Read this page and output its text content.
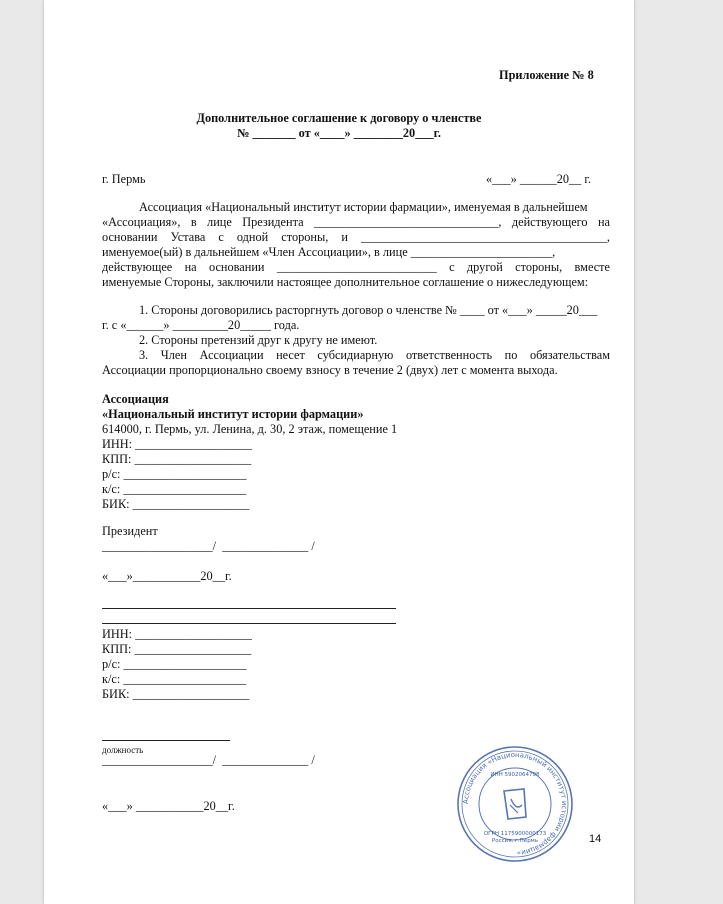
Приложение № 8
Дополнительное соглашение к договору о членстве
№ _______ от «____» ________20___г.
г. Пермь	«___» ______20__ г.
Ассоциация «Национальный институт истории фармации», именуемая в дальнейшем
«Ассоциация», в лице Президента ______________________________, действующего на
основании Устава с одной стороны, и ________________________________________,
именуемое(ый) в дальнейшем «Член Ассоциации», в лице _______________________,
действующее на основании __________________________ с другой стороны, вместе
именуемые Стороны, заключили настоящее дополнительное соглашение о нижеследующем:
1. Стороны договорились расторгнуть договор о членстве № ____ от «___» _____20___
г. с «______» _________20_____ года.
2. Стороны претензий друг к другу не имеют.
3. Член Ассоциации несет субсидиарную ответственность по обязательствам
Ассоциации пропорционально своему взносу в течение 2 (двух) лет с момента выхода.
Ассоциация
«Национальный институт истории фармации»
614000, г. Пермь, ул. Ленина, д. 30, 2 этаж, помещение 1
ИНН: ___________________
КПП: ___________________
р/с: ____________________
к/с: ____________________
БИК: ___________________
Президент
__________________/  ______________ /
«___»___________20__г.
ИНН: ___________________
КПП: ___________________
р/с: ____________________
к/с: ____________________
БИК: ___________________
должность
__________________/  ______________ /
«___» ___________20__г.	Ассоциация «Национальный институт истории фармации»
ИНН 5902064798
ОГРН 1175900000173
Россия, г.Пермь	14
